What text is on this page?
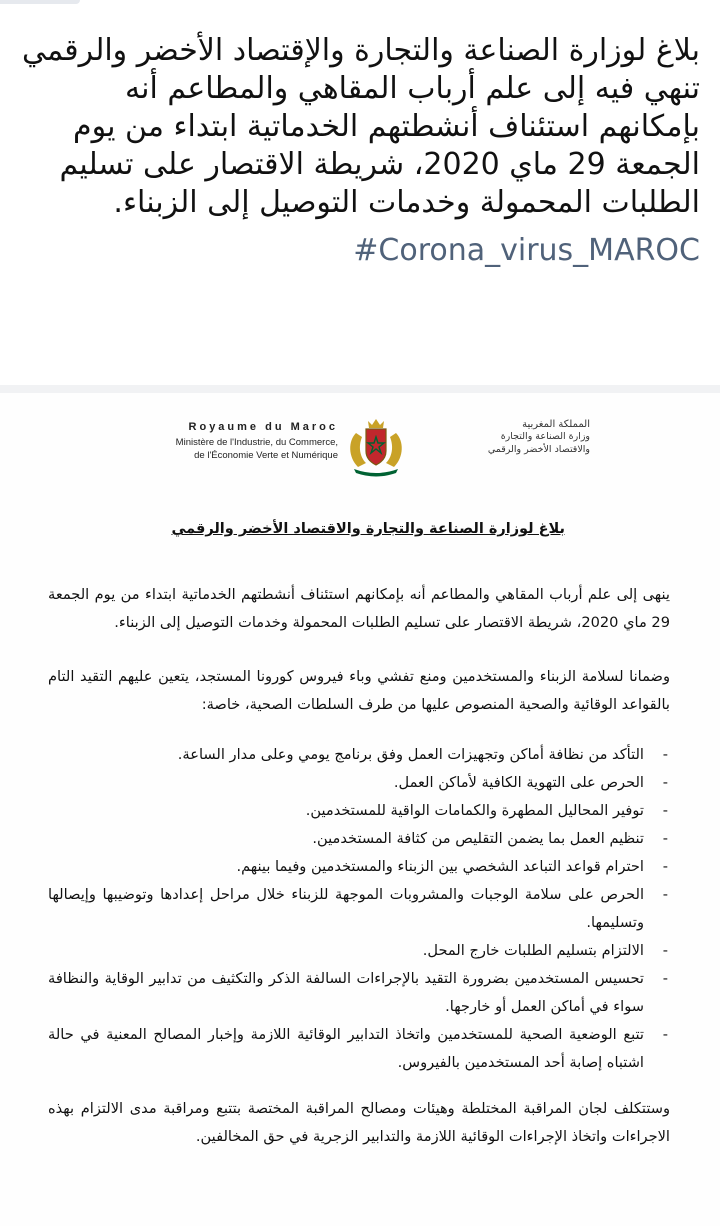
بلاغ لوزارة الصناعة والتجارة والإقتصاد الأخضر والرقمي
تنهي فيه إلى علم أرباب المقاهي والمطاعم أنه بإمكانهم استئناف أنشطتهم الخدماتية ابتداء من يوم الجمعة 29 ماي 2020، شريطة الاقتصار على تسليم الطلبات المحمولة وخدمات التوصيل إلى الزبناء.

#Corona_virus_MAROC
Royaume du Maroc
Ministère de l'Industrie, du Commerce,
de l'Économie Verte et Numérique
المملكة المغربية
وزارة الصناعة والتجارة
والاقتصاد الأخضر والرقمي
بلاغ لوزارة الصناعة والتجارة والاقتصاد الأخضر والرقمي

ينهى إلى علم أرباب المقاهي والمطاعم أنه بإمكانهم استئناف أنشطتهم الخدماتية ابتداء من يوم الجمعة 29 ماي 2020، شريطة الاقتصار على تسليم الطلبات المحمولة وخدمات التوصيل إلى الزبناء.

وضمانا لسلامة الزبناء والمستخدمين ومنع تفشي وباء فيروس كورونا المستجد، يتعين عليهم التقيد التام بالقواعد الوقائية والصحية المنصوص عليها من طرف السلطات الصحية، خاصة:

-
التأكد من نظافة أماكن وتجهيزات العمل وفق برنامج يومي وعلى مدار الساعة.
-
الحرص على التهوية الكافية لأماكن العمل.
-
توفير المحاليل المطهرة والكمامات الواقية للمستخدمين.
-
تنظيم العمل بما يضمن التقليص من كثافة المستخدمين.
-
احترام قواعد التباعد الشخصي بين الزبناء والمستخدمين وفيما بينهم.
-
الحرص على سلامة الوجبات والمشروبات الموجهة للزبناء خلال مراحل إعدادها وتوضيبها وإيصالها وتسليمها.
-
الالتزام بتسليم الطلبات خارج المحل.
-
تحسيس المستخدمين بضرورة التقيد بالإجراءات السالفة الذكر والتكثيف من تدابير الوقاية والنظافة سواء في أماكن العمل أو خارجها.
-
تتبع الوضعية الصحية للمستخدمين واتخاذ التدابير الوقائية اللازمة وإخبار المصالح المعنية في حالة اشتباه إصابة أحد المستخدمين بالفيروس.

وستتكلف لجان المراقبة المختلطة وهيئات ومصالح المراقبة المختصة بتتبع ومراقبة مدى الالتزام بهذه الاجراءات واتخاذ الإجراءات الوقائية اللازمة والتدابير الزجرية في حق المخالفين.
